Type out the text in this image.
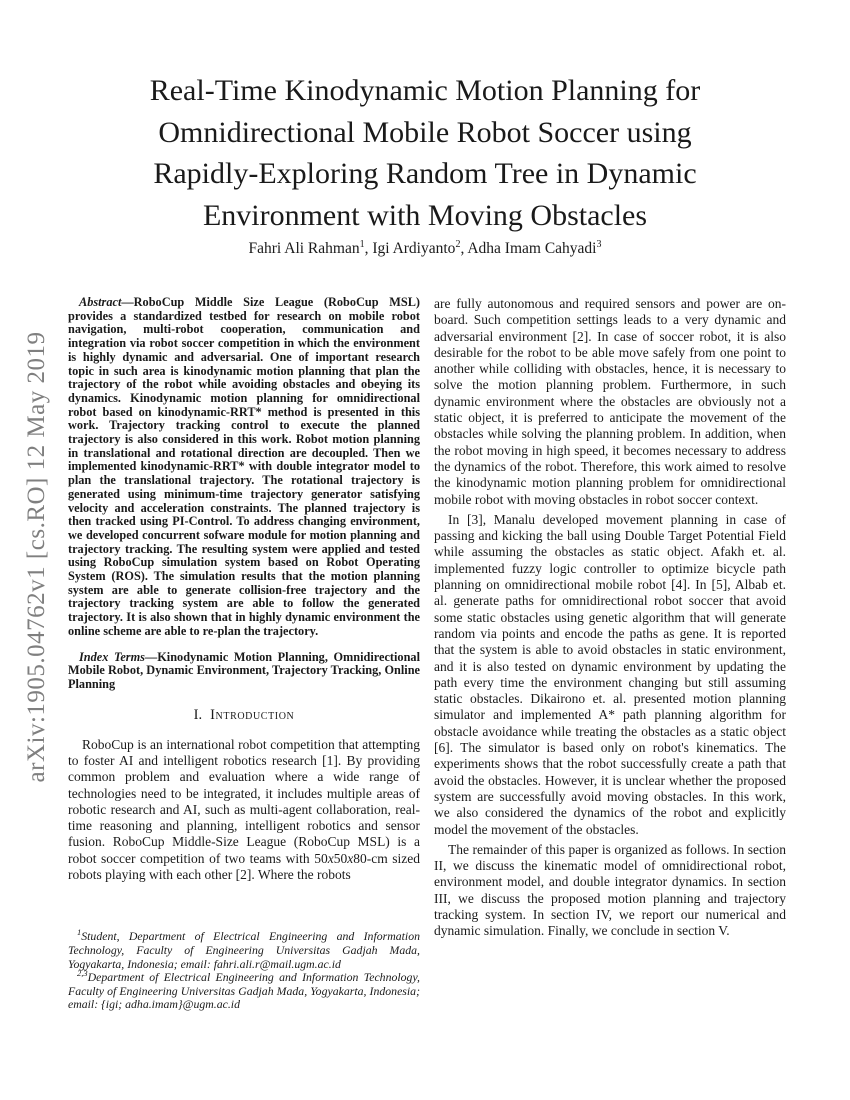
arXiv:1905.04762v1 [cs.RO] 12 May 2019
Real-Time Kinodynamic Motion Planning for
Omnidirectional Mobile Robot Soccer using
Rapidly-Exploring Random Tree in Dynamic
Environment with Moving Obstacles
Fahri Ali Rahman$^1$, Igi Ardiyanto$^2$, Adha Imam Cahyadi$^3$

Abstract—RoboCup Middle Size League (RoboCup MSL) provides a standardized testbed for research on mobile robot navigation, multi-robot cooperation, communication and integration via robot soccer competition in which the environment is highly dynamic and adversarial. One of important research topic in such area is kinodynamic motion planning that plan the trajectory of the robot while avoiding obstacles and obeying its dynamics. Kinodynamic motion planning for omnidirectional robot based on kinodynamic-RRT* method is presented in this work. Trajectory tracking control to execute the planned trajectory is also considered in this work. Robot motion planning in translational and rotational direction are decoupled. Then we implemented kinodynamic-RRT* with double integrator model to plan the translational trajectory. The rotational trajectory is generated using minimum-time trajectory generator satisfying velocity and acceleration constraints. The planned trajectory is then tracked using PI-Control. To address changing environment, we developed concurrent sofware module for motion planning and trajectory tracking. The resulting system were applied and tested using RoboCup simulation system based on Robot Operating System (ROS). The simulation results that the motion planning system are able to generate collision-free trajectory and the trajectory tracking system are able to follow the generated trajectory. It is also shown that in highly dynamic environment the online scheme are able to re-plan the trajectory.

Index Terms—Kinodynamic Motion Planning, Omnidirectional Mobile Robot, Dynamic Environment, Trajectory Tracking, Online Planning

I. Introduction

RoboCup is an international robot competition that attempting to foster AI and intelligent robotics research [1]. By providing common problem and evaluation where a wide range of technologies need to be integrated, it includes multiple areas of robotic research and AI, such as multi-agent collaboration, real-time reasoning and planning, intelligent robotics and sensor fusion. RoboCup Middle-Size League (RoboCup MSL) is a robot soccer competition of two teams with 50x50x80-cm sized robots playing with each other [2]. Where the robots

$^1$Student, Department of Electrical Engineering and Information Technology, Faculty of Engineering Universitas Gadjah Mada, Yogyakarta, Indonesia; email: fahri.ali.r@mail.ugm.ac.id

$^{2,3}$Department of Electrical Engineering and Information Technology, Faculty of Engineering Universitas Gadjah Mada, Yogyakarta, Indonesia; email: {igi; adha.imam}@ugm.ac.id

are fully autonomous and required sensors and power are on-board. Such competition settings leads to a very dynamic and adversarial environment [2]. In case of soccer robot, it is also desirable for the robot to be able move safely from one point to another while colliding with obstacles, hence, it is necessary to solve the motion planning problem. Furthermore, in such dynamic environment where the obstacles are obviously not a static object, it is preferred to anticipate the movement of the obstacles while solving the planning problem. In addition, when the robot moving in high speed, it becomes necessary to address the dynamics of the robot. Therefore, this work aimed to resolve the kinodynamic motion planning problem for omnidirectional mobile robot with moving obstacles in robot soccer context.

In [3], Manalu developed movement planning in case of passing and kicking the ball using Double Target Potential Field while assuming the obstacles as static object. Afakh et. al. implemented fuzzy logic controller to optimize bicycle path planning on omnidirectional mobile robot [4]. In [5], Albab et. al. generate paths for omnidirectional robot soccer that avoid some static obstacles using genetic algorithm that will generate random via points and encode the paths as gene. It is reported that the system is able to avoid obstacles in static environment, and it is also tested on dynamic environment by updating the path every time the environment changing but still assuming static obstacles. Dikairono et. al. presented motion planning simulator and implemented A* path planning algorithm for obstacle avoidance while treating the obstacles as a static object [6]. The simulator is based only on robot's kinematics. The experiments shows that the robot successfully create a path that avoid the obstacles. However, it is unclear whether the proposed system are successfully avoid moving obstacles. In this work, we also considered the dynamics of the robot and explicitly model the movement of the obstacles.

The remainder of this paper is organized as follows. In section II, we discuss the kinematic model of omnidirectional robot, environment model, and double integrator dynamics. In section III, we discuss the proposed motion planning and trajectory tracking system. In section IV, we report our numerical and dynamic simulation. Finally, we conclude in section V.
